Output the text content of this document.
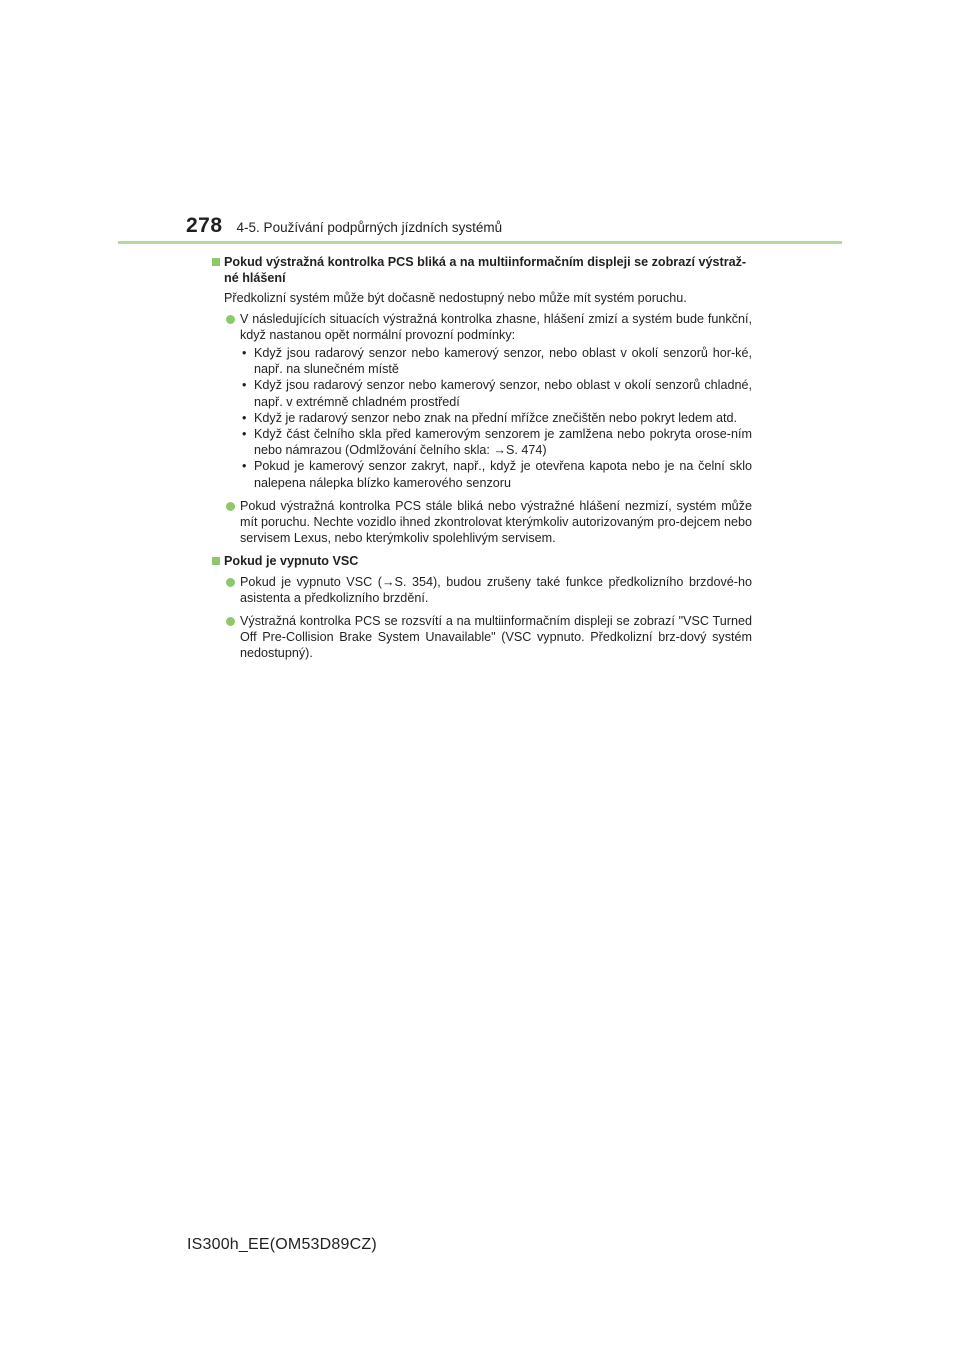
278 4-5. Používání podpůrných jízdních systémů
Pokud výstražná kontrolka PCS bliká a na multiinformačním displeji se zobrazí výstraž-né hlášení
Předkolizní systém může být dočasně nedostupný nebo může mít systém poruchu.
V následujících situacích výstražná kontrolka zhasne, hlášení zmizí a systém bude funkční, když nastanou opět normální provozní podmínky:
• Když jsou radarový senzor nebo kamerový senzor, nebo oblast v okolí senzorů hor-ké, např. na slunečném místě
• Když jsou radarový senzor nebo kamerový senzor, nebo oblast v okolí senzorů chladné, např. v extrémně chladném prostředí
• Když je radarový senzor nebo znak na přední mřížce znečištěn nebo pokryt ledem atd.
• Když část čelního skla před kamerovým senzorem je zamlžena nebo pokryta orose-ním nebo námrazou (Odmlžování čelního skla: →S. 474)
• Pokud je kamerový senzor zakryt, např., když je otevřena kapota nebo je na čelní sklo nalepena nálepka blízko kamerového senzoru
Pokud výstražná kontrolka PCS stále bliká nebo výstražné hlášení nezmizí, systém může mít poruchu. Nechte vozidlo ihned zkontrolovat kterýmkoliv autorizovaným pro-dejcem nebo servisem Lexus, nebo kterýmkoliv spolehlivým servisem.
Pokud je vypnuto VSC
Pokud je vypnuto VSC (→S. 354), budou zrušeny také funkce předkolizního brzdové-ho asistenta a předkolizního brzdění.
Výstražná kontrolka PCS se rozsvítí a na multiinformačním displeji se zobrazí "VSC Turned Off Pre-Collision Brake System Unavailable" (VSC vypnuto. Předkolizní brz-dový systém nedostupný).
IS300h_EE(OM53D89CZ)
